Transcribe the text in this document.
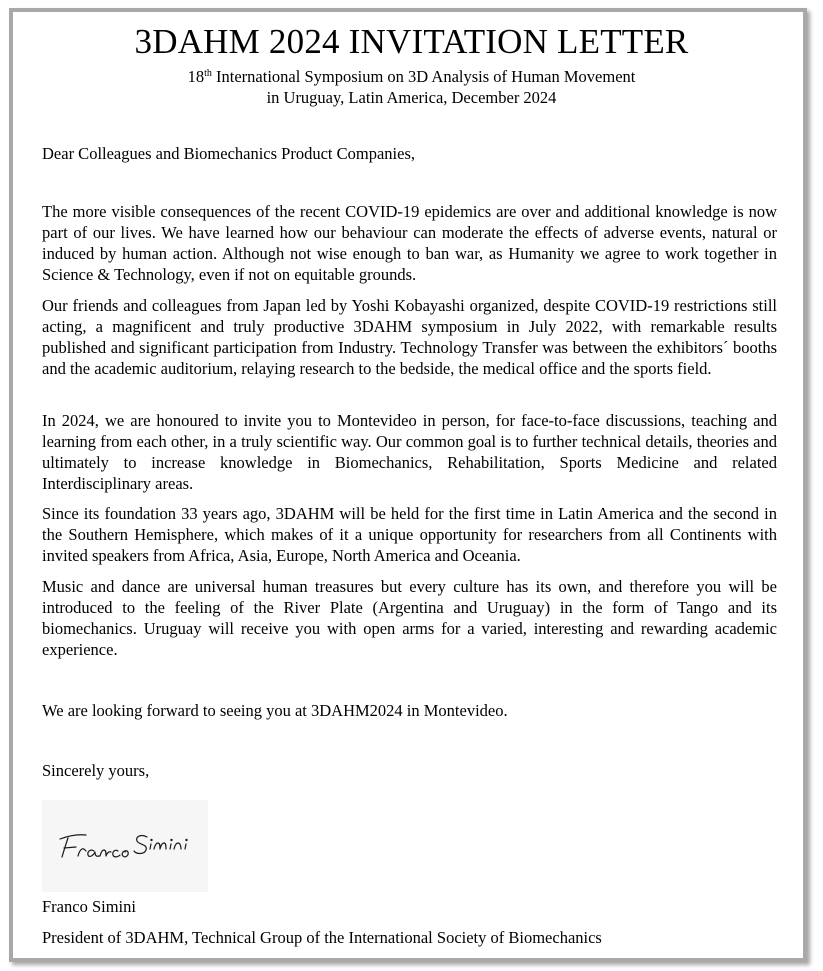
3DAHM 2024 INVITATION LETTER
18th International Symposium on 3D Analysis of Human Movement
in Uruguay, Latin America, December 2024
Dear Colleagues and Biomechanics Product Companies,
The more visible consequences of the recent COVID-19 epidemics are over and additional knowledge is now part of our lives. We have learned how our behaviour can moderate the effects of adverse events, natural or induced by human action. Although not wise enough to ban war, as Humanity we agree to work together in Science & Technology, even if not on equitable grounds.
Our friends and colleagues from Japan led by Yoshi Kobayashi organized, despite COVID-19 restrictions still acting, a magnificent and truly productive 3DAHM symposium in July 2022, with remarkable results published and significant participation from Industry. Technology Transfer was between the exhibitors´ booths and the academic auditorium, relaying research to the bedside, the medical office and the sports field.
In 2024, we are honoured to invite you to Montevideo in person, for face-to-face discussions, teaching and learning from each other, in a truly scientific way. Our common goal is to further technical details, theories and ultimately to increase knowledge in Biomechanics, Rehabilitation, Sports Medicine and related Interdisciplinary areas.
Since its foundation 33 years ago, 3DAHM will be held for the first time in Latin America and the second in the Southern Hemisphere, which makes of it a unique opportunity for researchers from all Continents with invited speakers from Africa, Asia, Europe, North America and Oceania.
Music and dance are universal human treasures but every culture has its own, and therefore you will be introduced to the feeling of the River Plate (Argentina and Uruguay) in the form of Tango and its biomechanics. Uruguay will receive you with open arms for a varied, interesting and rewarding academic experience.
We are looking forward to seeing you at 3DAHM2024 in Montevideo.
Sincerely yours,
Franco Simini
President of 3DAHM, Technical Group of the International Society of Biomechanics
